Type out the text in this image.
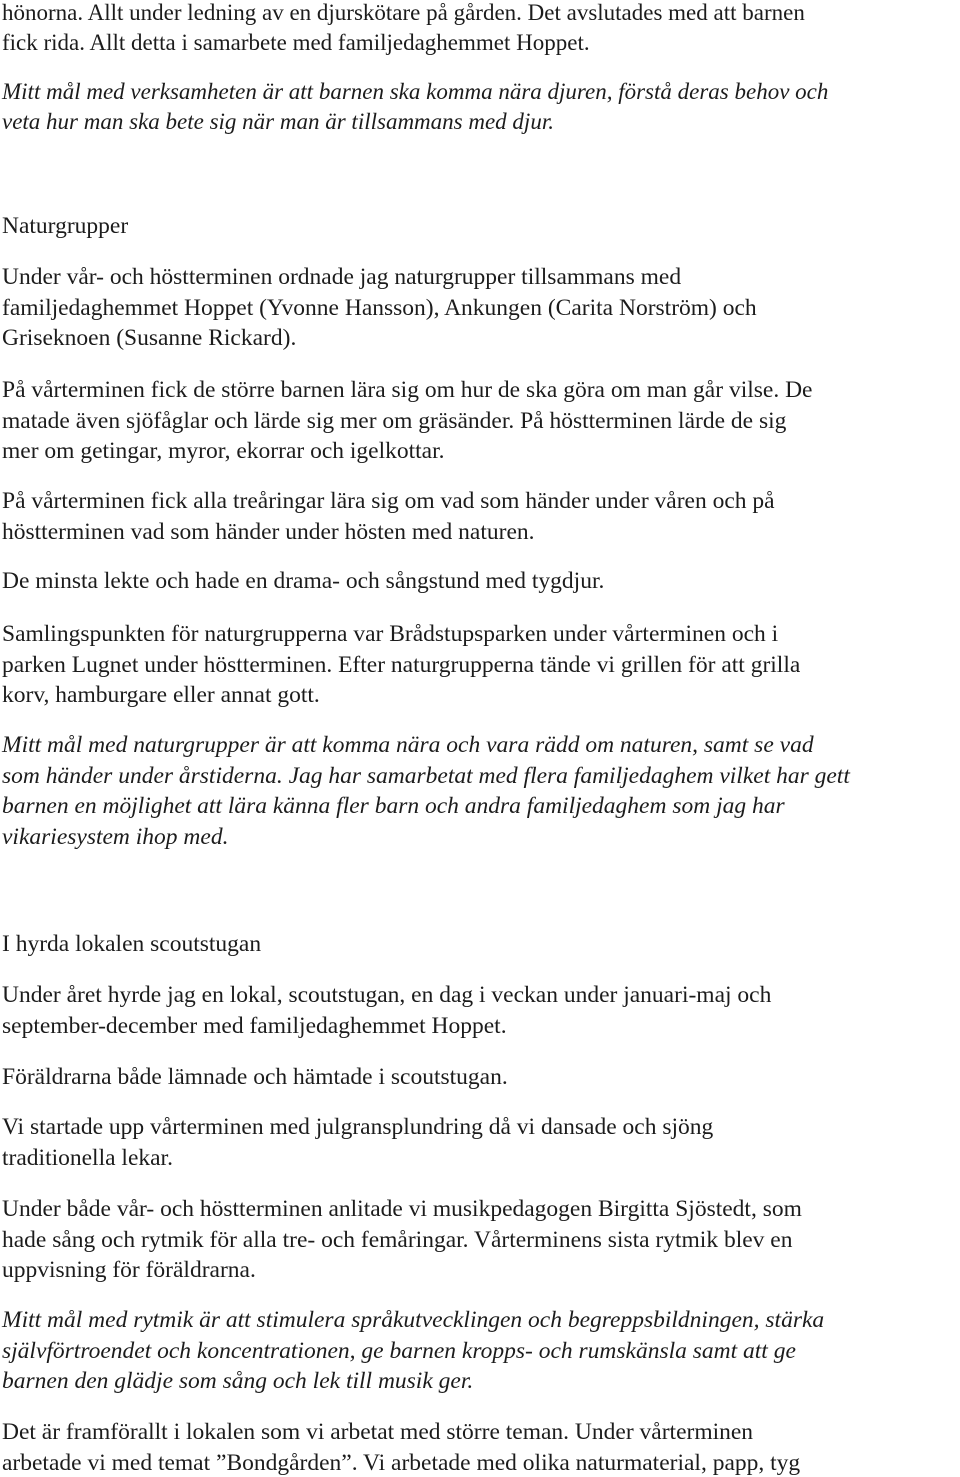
hönorna. Allt under ledning av en djurskötare på gården. Det avslutades med att barnen
fick rida. Allt detta i samarbete med familjedaghemmet Hoppet.

Mitt mål med verksamheten är att barnen ska komma nära djuren, förstå deras behov och
veta hur man ska bete sig när man är tillsammans med djur.

Naturgrupper

Under vår- och höstterminen ordnade jag naturgrupper tillsammans med
familjedaghemmet Hoppet (Yvonne Hansson), Ankungen (Carita Norström) och
Griseknoen (Susanne Rickard).

På vårterminen fick de större barnen lära sig om hur de ska göra om man går vilse. De
matade även sjöfåglar och lärde sig mer om gräsänder. På höstterminen lärde de sig
mer om getingar, myror, ekorrar och igelkottar.

På vårterminen fick alla treåringar lära sig om vad som händer under våren och på
höstterminen vad som händer under hösten med naturen.

De minsta lekte och hade en drama- och sångstund med tygdjur.

Samlingspunkten för naturgrupperna var Brådstupsparken under vårterminen och i
parken Lugnet under höstterminen. Efter naturgrupperna tände vi grillen för att grilla
korv, hamburgare eller annat gott.

Mitt mål med naturgrupper är att komma nära och vara rädd om naturen, samt se vad
som händer under årstiderna. Jag har samarbetat med flera familjedaghem vilket har gett
barnen en möjlighet att lära känna fler barn och andra familjedaghem som jag har
vikariesystem ihop med.

I hyrda lokalen scoutstugan

Under året hyrde jag en lokal, scoutstugan, en dag i veckan under januari-maj och
september-december med familjedaghemmet Hoppet.

Föräldrarna både lämnade och hämtade i scoutstugan.

Vi startade upp vårterminen med julgransplundring då vi dansade och sjöng
traditionella lekar.

Under både vår- och höstterminen anlitade vi musikpedagogen Birgitta Sjöstedt, som
hade sång och rytmik för alla tre- och femåringar. Vårterminens sista rytmik blev en
uppvisning för föräldrarna.

Mitt mål med rytmik är att stimulera språkutvecklingen och begreppsbildningen, stärka
självförtroendet och koncentrationen, ge barnen kropps- och rumskänsla samt att ge
barnen den glädje som sång och lek till musik ger.

Det är framförallt i lokalen som vi arbetat med större teman. Under vårterminen
arbetade vi med temat ”Bondgården”. Vi arbetade med olika naturmaterial, papp, tyg
